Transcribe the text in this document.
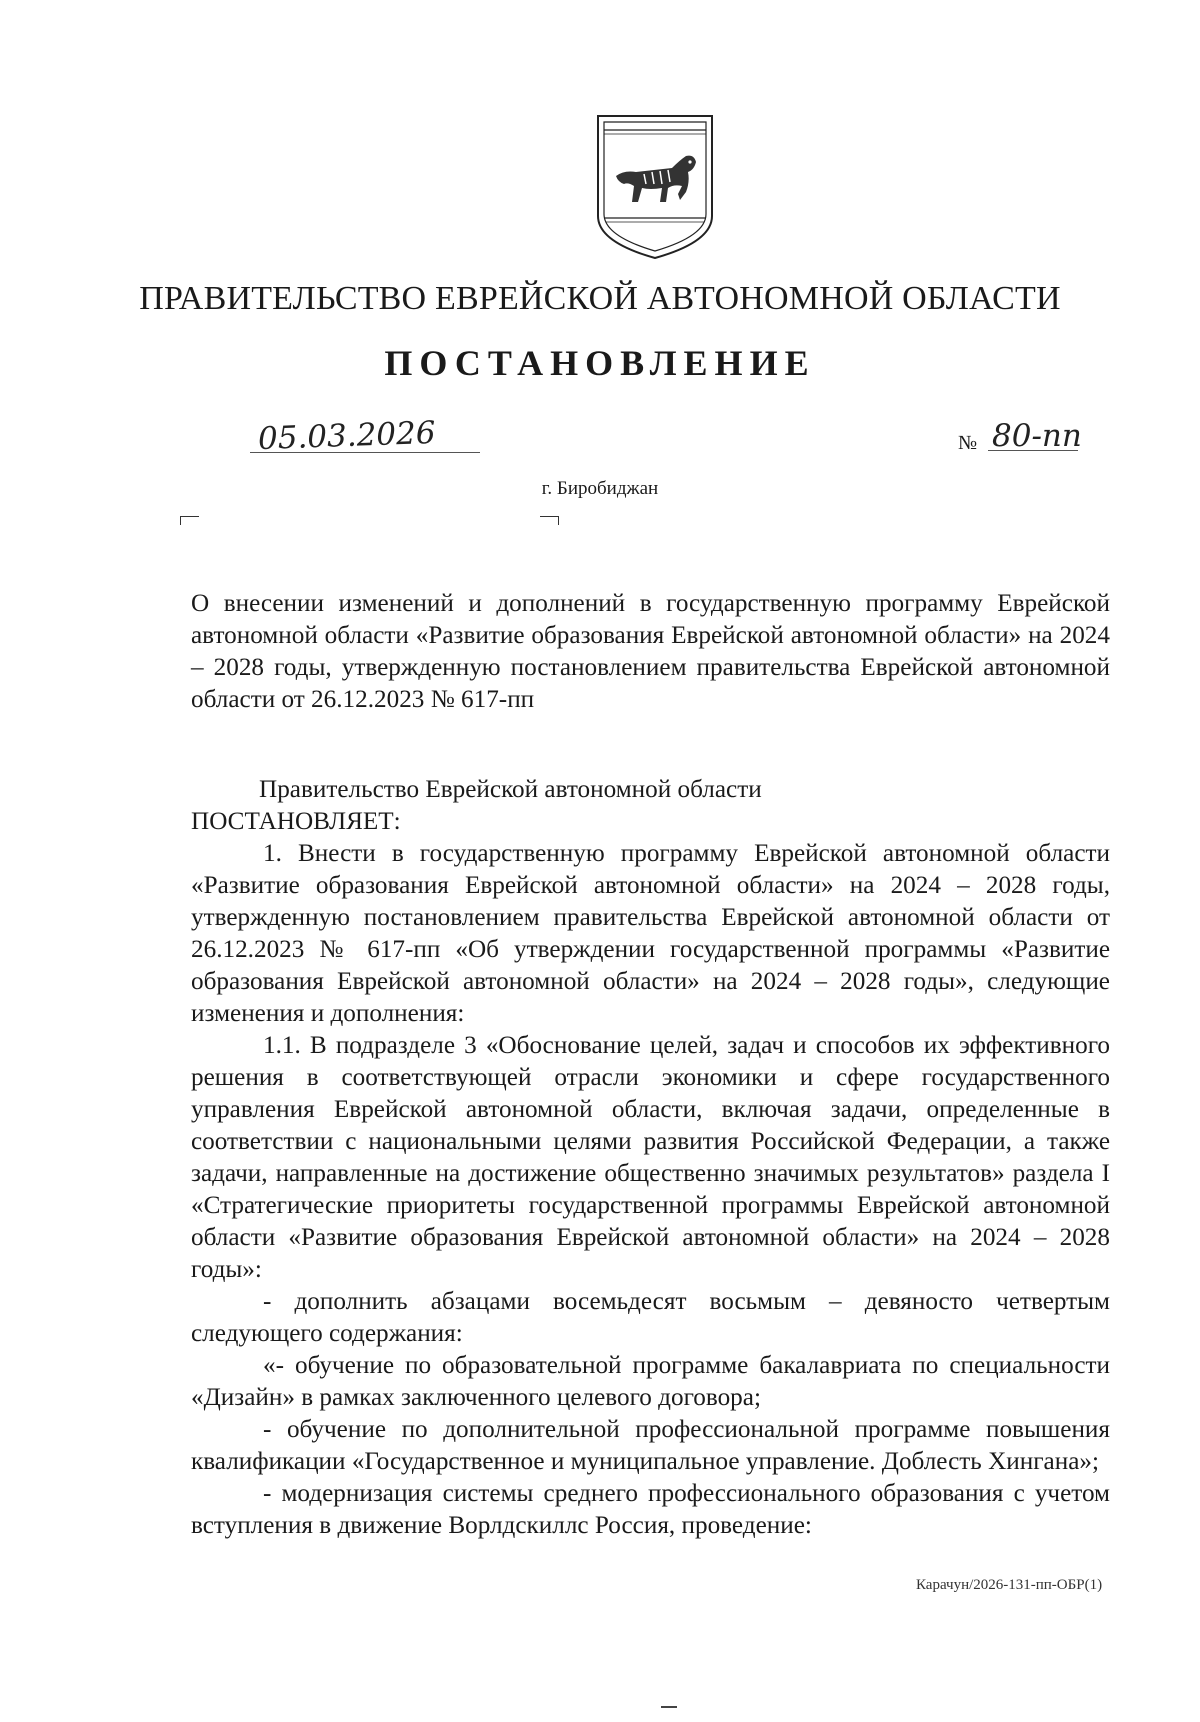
ПРАВИТЕЛЬСТВО ЕВРЕЙСКОЙ АВТОНОМНОЙ ОБЛАСТИ
ПОСТАНОВЛЕНИЕ
05.03.2026	№ 80-пп
г. Биробиджан
О внесении изменений и дополнений в государственную программу Еврейской автономной области «Развитие образования Еврейской автономной области» на 2024 – 2028 годы, утвержденную постановлением правительства Еврейской автономной области от 26.12.2023 № 617-пп

Правительство Еврейской автономной области

ПОСТАНОВЛЯЕТ:

1. Внести в государственную программу Еврейской автономной области «Развитие образования Еврейской автономной области» на 2024 – 2028 годы, утвержденную постановлением правительства Еврейской автономной области от 26.12.2023 № 617-пп «Об утверждении государственной программы «Развитие образования Еврейской автономной области» на 2024 – 2028 годы», следующие изменения и дополнения:

1.1. В подразделе 3 «Обоснование целей, задач и способов их эффективного решения в соответствующей отрасли экономики и сфере государственного управления Еврейской автономной области, включая задачи, определенные в соответствии с национальными целями развития Российской Федерации, а также задачи, направленные на достижение общественно значимых результатов» раздела I «Стратегические приоритеты государственной программы Еврейской автономной области «Развитие образования Еврейской автономной области» на 2024 – 2028 годы»:

- дополнить абзацами восемьдесят восьмым – девяносто четвертым следующего содержания:

«- обучение по образовательной программе бакалавриата по специальности «Дизайн» в рамках заключенного целевого договора;

- обучение по дополнительной профессиональной программе повышения квалификации «Государственное и муниципальное управление. Доблесть Хингана»;

- модернизация системы среднего профессионального образования с учетом вступления в движение Ворлдскиллс Россия, проведение:

Карачун/2026-131-пп-ОБР(1)
